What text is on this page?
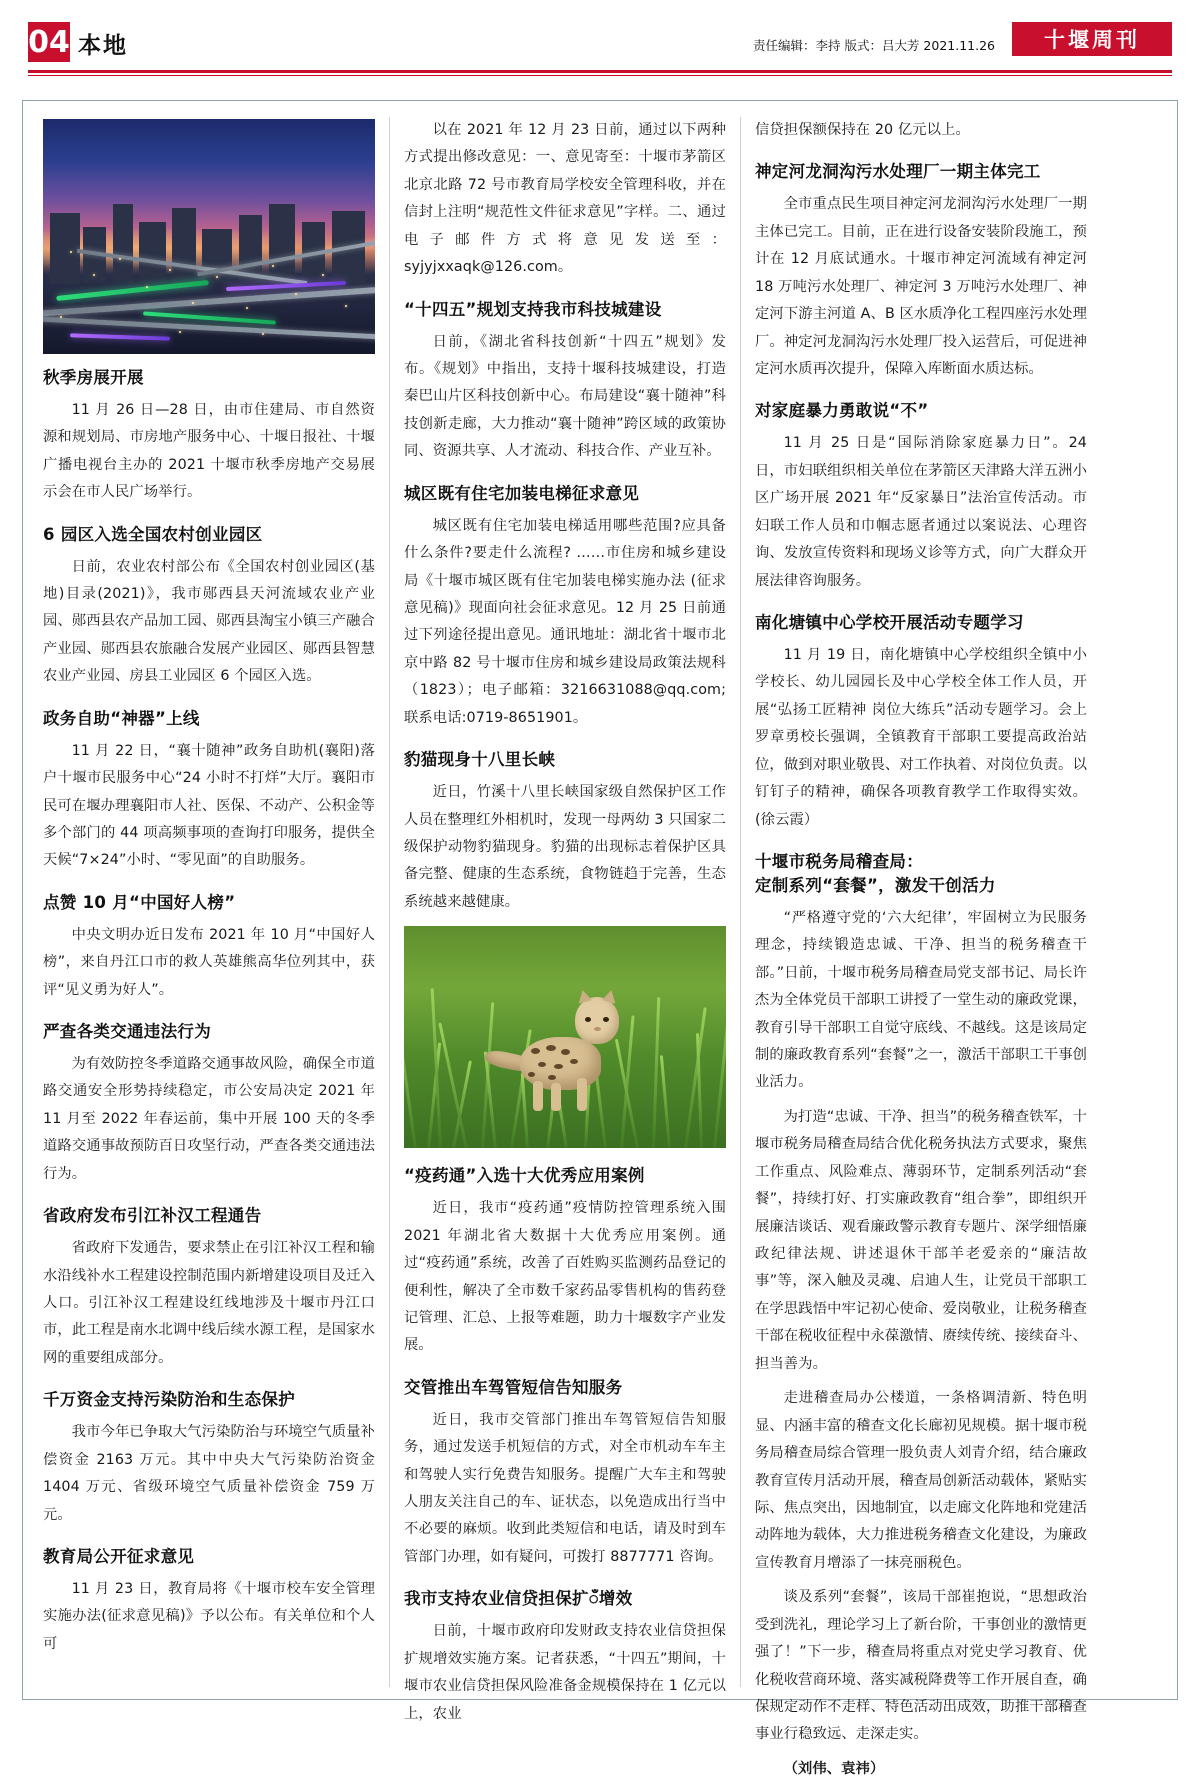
04 本地	责任编辑：李持 版式：吕大芳 2021.11.26	十堰周刊
秋季房展开展

11 月 26 日—28 日，由市住建局、市自然资源和规划局、市房地产服务中心、十堰日报社、十堰广播电视台主办的 2021 十堰市秋季房地产交易展示会在市人民广场举行。

6 园区入选全国农村创业园区

日前，农业农村部公布《全国农村创业园区(基地)目录(2021)》，我市郧西县天河流域农业产业园、郧西县农产品加工园、郧西县淘宝小镇三产融合产业园、郧西县农旅融合发展产业园区、郧西县智慧农业产业园、房县工业园区 6 个园区入选。

政务自助“神器”上线

11 月 22 日，“襄十随神”政务自助机(襄阳)落户十堰市民服务中心“24 小时不打烊”大厅。襄阳市民可在堰办理襄阳市人社、医保、不动产、公积金等多个部门的 44 项高频事项的查询打印服务，提供全天候“7×24”小时、“零见面”的自助服务。

点赞 10 月“中国好人榜”

中央文明办近日发布 2021 年 10 月“中国好人榜”，来自丹江口市的救人英雄熊高华位列其中，获评“见义勇为好人”。

严查各类交通违法行为

为有效防控冬季道路交通事故风险，确保全市道路交通安全形势持续稳定，市公安局决定 2021 年 11 月至 2022 年春运前，集中开展 100 天的冬季道路交通事故预防百日攻坚行动，严查各类交通违法行为。

省政府发布引江补汉工程通告

省政府下发通告，要求禁止在引江补汉工程和输水沿线补水工程建设控制范围内新增建设项目及迁入人口。引江补汉工程建设红线地涉及十堰市丹江口市，此工程是南水北调中线后续水源工程，是国家水网的重要组成部分。

千万资金支持污染防治和生态保护

我市今年已争取大气污染防治与环境空气质量补偿资金 2163 万元。其中中央大气污染防治资金 1404 万元、省级环境空气质量补偿资金 759 万元。

教育局公开征求意见

11 月 23 日，教育局将《十堰市校车安全管理实施办法(征求意见稿)》予以公布。有关单位和个人可

以在 2021 年 12 月 23 日前，通过以下两种方式提出修改意见：一、意见寄至：十堰市茅箭区北京北路 72 号市教育局学校安全管理科收，并在信封上注明“规范性文件征求意见”字样。二、通过电子邮件方式将意见发送至：syjyjxxaqk@126.com。

“十四五”规划支持我市科技城建设

日前，《湖北省科技创新“十四五”规划》发布。《规划》中指出，支持十堰科技城建设，打造秦巴山片区科技创新中心。布局建设“襄十随神”科技创新走廊，大力推动“襄十随神”跨区域的政策协同、资源共享、人才流动、科技合作、产业互补。

城区既有住宅加装电梯征求意见

城区既有住宅加装电梯适用哪些范围?应具备什么条件?要走什么流程? ……市住房和城乡建设局《十堰市城区既有住宅加装电梯实施办法 (征求意见稿)》现面向社会征求意见。12 月 25 日前通过下列途径提出意见。通讯地址：湖北省十堰市北京中路 82 号十堰市住房和城乡建设局政策法规科（1823）；电子邮箱：3216631088@qq.com;联系电话:0719-8651901。

豹猫现身十八里长峡

近日，竹溪十八里长峡国家级自然保护区工作人员在整理红外相机时，发现一母两幼 3 只国家二级保护动物豹猫现身。豹猫的出现标志着保护区具备完整、健康的生态系统，食物链趋于完善，生态系统越来越健康。

“疫药通”入选十大优秀应用案例

近日，我市“疫药通”疫情防控管理系统入围 2021 年湖北省大数据十大优秀应用案例。通过“疫药通”系统，改善了百姓购买监测药品登记的便利性，解决了全市数千家药品零售机构的售药登记管理、汇总、上报等难题，助力十堰数字产业发展。

交管推出车驾管短信告知服务

近日，我市交管部门推出车驾管短信告知服务，通过发送手机短信的方式，对全市机动车车主和驾驶人实行免费告知服务。提醒广大车主和驾驶人朋友关注自己的车、证状态，以免造成出行当中不必要的麻烦。收到此类短信和电话，请及时到车管部门办理，如有疑问，可拨打 8877771 咨询。

我市支持农业信贷担保扩ँ增效

日前，十堰市政府印发财政支持农业信贷担保扩规增效实施方案。记者获悉，“十四五”期间，十堰市农业信贷担保风险准备金规模保持在 1 亿元以上，农业

信贷担保额保持在 20 亿元以上。

神定河龙洞沟污水处理厂一期主体完工

全市重点民生项目神定河龙洞沟污水处理厂一期主体已完工。目前，正在进行设备安装阶段施工，预计在 12 月底试通水。十堰市神定河流域有神定河 18 万吨污水处理厂、神定河 3 万吨污水处理厂、神定河下游主河道 A、B 区水质净化工程四座污水处理厂。神定河龙洞沟污水处理厂投入运营后，可促进神定河水质再次提升，保障入库断面水质达标。

对家庭暴力勇敢说“不”

11 月 25 日是“国际消除家庭暴力日”。24 日，市妇联组织相关单位在茅箭区天津路大洋五洲小区广场开展 2021 年“反家暴日”法治宣传活动。市妇联工作人员和巾帼志愿者通过以案说法、心理咨询、发放宣传资料和现场义诊等方式，向广大群众开展法律咨询服务。

南化塘镇中心学校开展活动专题学习

11 月 19 日，南化塘镇中心学校组织全镇中小学校长、幼儿园园长及中心学校全体工作人员，开展“弘扬工匠精神 岗位大练兵”活动专题学习。会上罗章勇校长强调，全镇教育干部职工要提高政治站位，做到对职业敬畏、对工作执着、对岗位负责。以钉钉子的精神，确保各项教育教学工作取得实效。(徐云霞）

十堰市税务局稽查局：
定制系列“套餐”，激发干创活力

“严格遵守党的‘六大纪律’，牢固树立为民服务理念，持续锻造忠诚、干净、担当的税务稽查干部。”日前，十堰市税务局稽查局党支部书记、局长许杰为全体党员干部职工讲授了一堂生动的廉政党课，教育引导干部职工自觉守底线、不越线。这是该局定制的廉政教育系列“套餐”之一，激活干部职工干事创业活力。

为打造“忠诚、干净、担当”的税务稽查铁军，十堰市税务局稽查局结合优化税务执法方式要求，聚焦工作重点、风险难点、薄弱环节，定制系列活动“套餐”，持续打好、打实廉政教育“组合拳”，即组织开展廉洁谈话、观看廉政警示教育专题片、深学细悟廉政纪律法规、讲述退休干部羊老爱亲的“廉洁故事”等，深入触及灵魂、启迪人生，让党员干部职工在学思践悟中牢记初心使命、爱岗敬业，让税务稽查干部在税收征程中永葆激情、赓续传统、接续奋斗、担当善为。

走进稽查局办公楼道，一条格调清新、特色明显、内涵丰富的稽查文化长廊初见规模。据十堰市税务局稽查局综合管理一股负责人刘青介绍，结合廉政教育宣传月活动开展，稽查局创新活动载体，紧贴实际、焦点突出，因地制宜，以走廊文化阵地和党建活动阵地为载体，大力推进税务稽查文化建设，为廉政宣传教育月增添了一抹亮丽税色。

谈及系列“套餐”，该局干部崔抱说，“思想政治受到洗礼，理论学习上了新台阶，干事创业的激情更强了！”下一步，稽查局将重点对党史学习教育、优化税收营商环境、落实减税降费等工作开展自查，确保规定动作不走样、特色活动出成效，助推干部稽查事业行稳致远、走深走实。

（刘伟、袁祎）
